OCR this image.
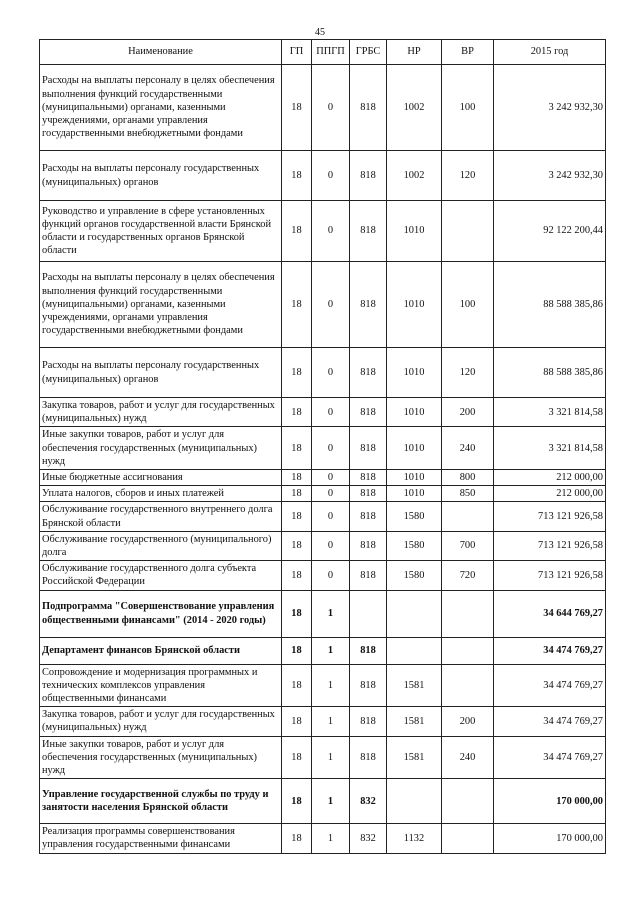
45
Наименование	ГП	ППГП	ГРБС	НР	ВР	2015 год
Расходы на выплаты персоналу в целях обеспечения выполнения функций государственными (муниципальными) органами, казенными учреждениями, органами управления государственными внебюджетными фондами	18	0	818	1002	100	3 242 932,30
Расходы на выплаты персоналу государственных (муниципальных) органов	18	0	818	1002	120	3 242 932,30
Руководство и управление в сфере установленных функций органов государственной власти Брянской области и государственных органов Брянской области	18	0	818	1010		92 122 200,44
Расходы на выплаты персоналу в целях обеспечения выполнения функций государственными (муниципальными) органами, казенными учреждениями, органами управления государственными внебюджетными фондами	18	0	818	1010	100	88 588 385,86
Расходы на выплаты персоналу государственных (муниципальных) органов	18	0	818	1010	120	88 588 385,86
Закупка товаров, работ и услуг для государственных (муниципальных) нужд	18	0	818	1010	200	3 321 814,58
Иные закупки товаров, работ и услуг для обеспечения государственных (муниципальных) нужд	18	0	818	1010	240	3 321 814,58
Иные бюджетные ассигнования	18	0	818	1010	800	212 000,00
Уплата налогов, сборов и иных платежей	18	0	818	1010	850	212 000,00
Обслуживание государственного внутреннего долга Брянской области	18	0	818	1580		713 121 926,58
Обслуживание государственного (муниципального) долга	18	0	818	1580	700	713 121 926,58
Обслуживание государственного долга субъекта Российской Федерации	18	0	818	1580	720	713 121 926,58
Подпрограмма "Совершенствование управления общественными финансами" (2014 - 2020 годы)	18	1				34 644 769,27
Департамент финансов Брянской области	18	1	818			34 474 769,27
Сопровождение и модернизация программных и технических комплексов управления общественными финансами	18	1	818	1581		34 474 769,27
Закупка товаров, работ и услуг для государственных (муниципальных) нужд	18	1	818	1581	200	34 474 769,27
Иные закупки товаров, работ и услуг для обеспечения государственных (муниципальных) нужд	18	1	818	1581	240	34 474 769,27
Управление государственной службы по труду и занятости населения Брянской области	18	1	832			170 000,00
Реализация программы совершенствования управления государственными финансами	18	1	832	1132		170 000,00
